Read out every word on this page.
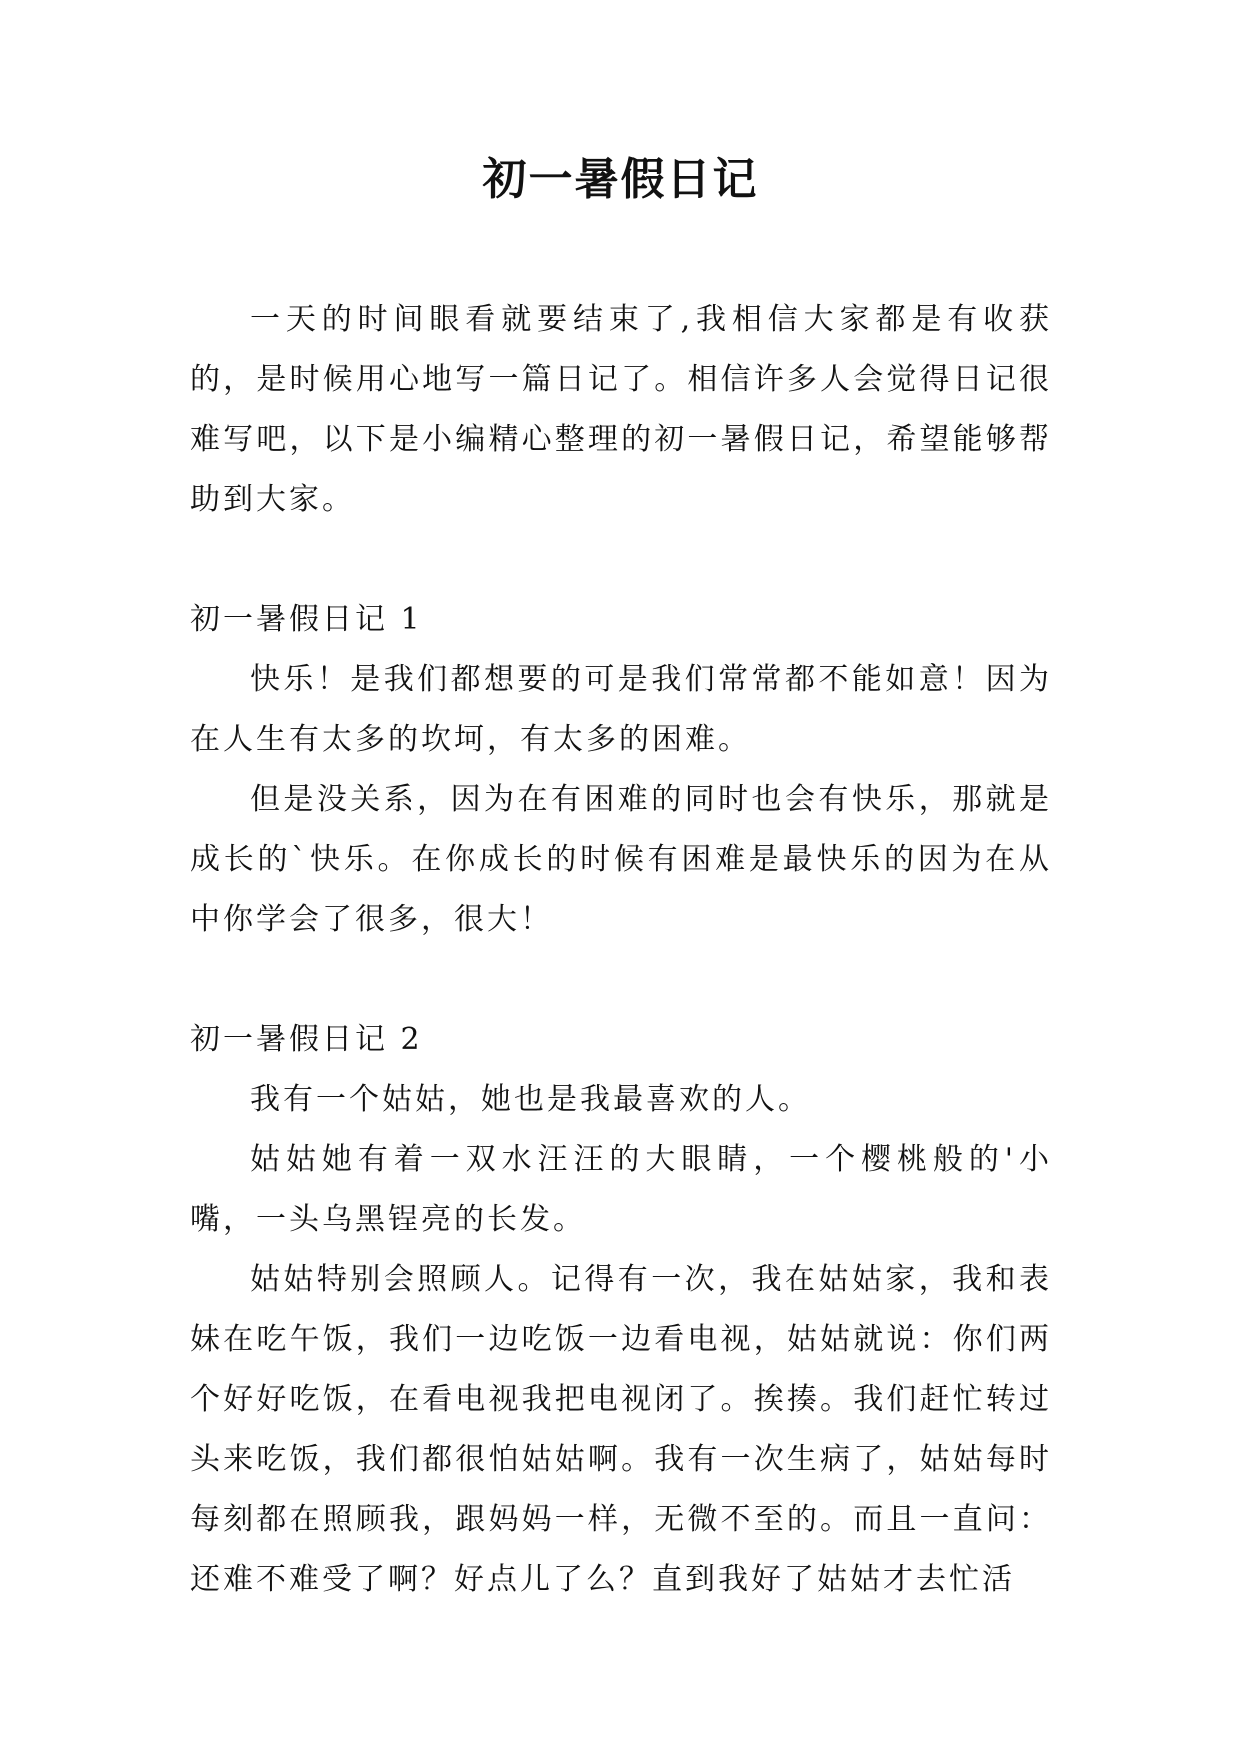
初一暑假日记

一天的时间眼看就要结束了,我相信大家都是有收获的，是时候用心地写一篇日记了。相信许多人会觉得日记很难写吧，以下是小编精心整理的初一暑假日记，希望能够帮助到大家。

初一暑假日记 1

快乐！是我们都想要的可是我们常常都不能如意！因为在人生有太多的坎坷，有太多的困难。

但是没关系，因为在有困难的同时也会有快乐，那就是成长的`快乐。在你成长的时候有困难是最快乐的因为在从中你学会了很多，很大！

初一暑假日记 2

我有一个姑姑，她也是我最喜欢的人。

姑姑她有着一双水汪汪的大眼睛，一个樱桃般的'小嘴，一头乌黑锃亮的长发。

姑姑特别会照顾人。记得有一次，我在姑姑家，我和表妹在吃午饭，我们一边吃饭一边看电视，姑姑就说：你们两个好好吃饭，在看电视我把电视闭了。挨揍。我们赶忙转过头来吃饭，我们都很怕姑姑啊。我有一次生病了，姑姑每时每刻都在照顾我，跟妈妈一样，无微不至的。而且一直问：还难不难受了啊？好点儿了么？直到我好了姑姑才去忙活
